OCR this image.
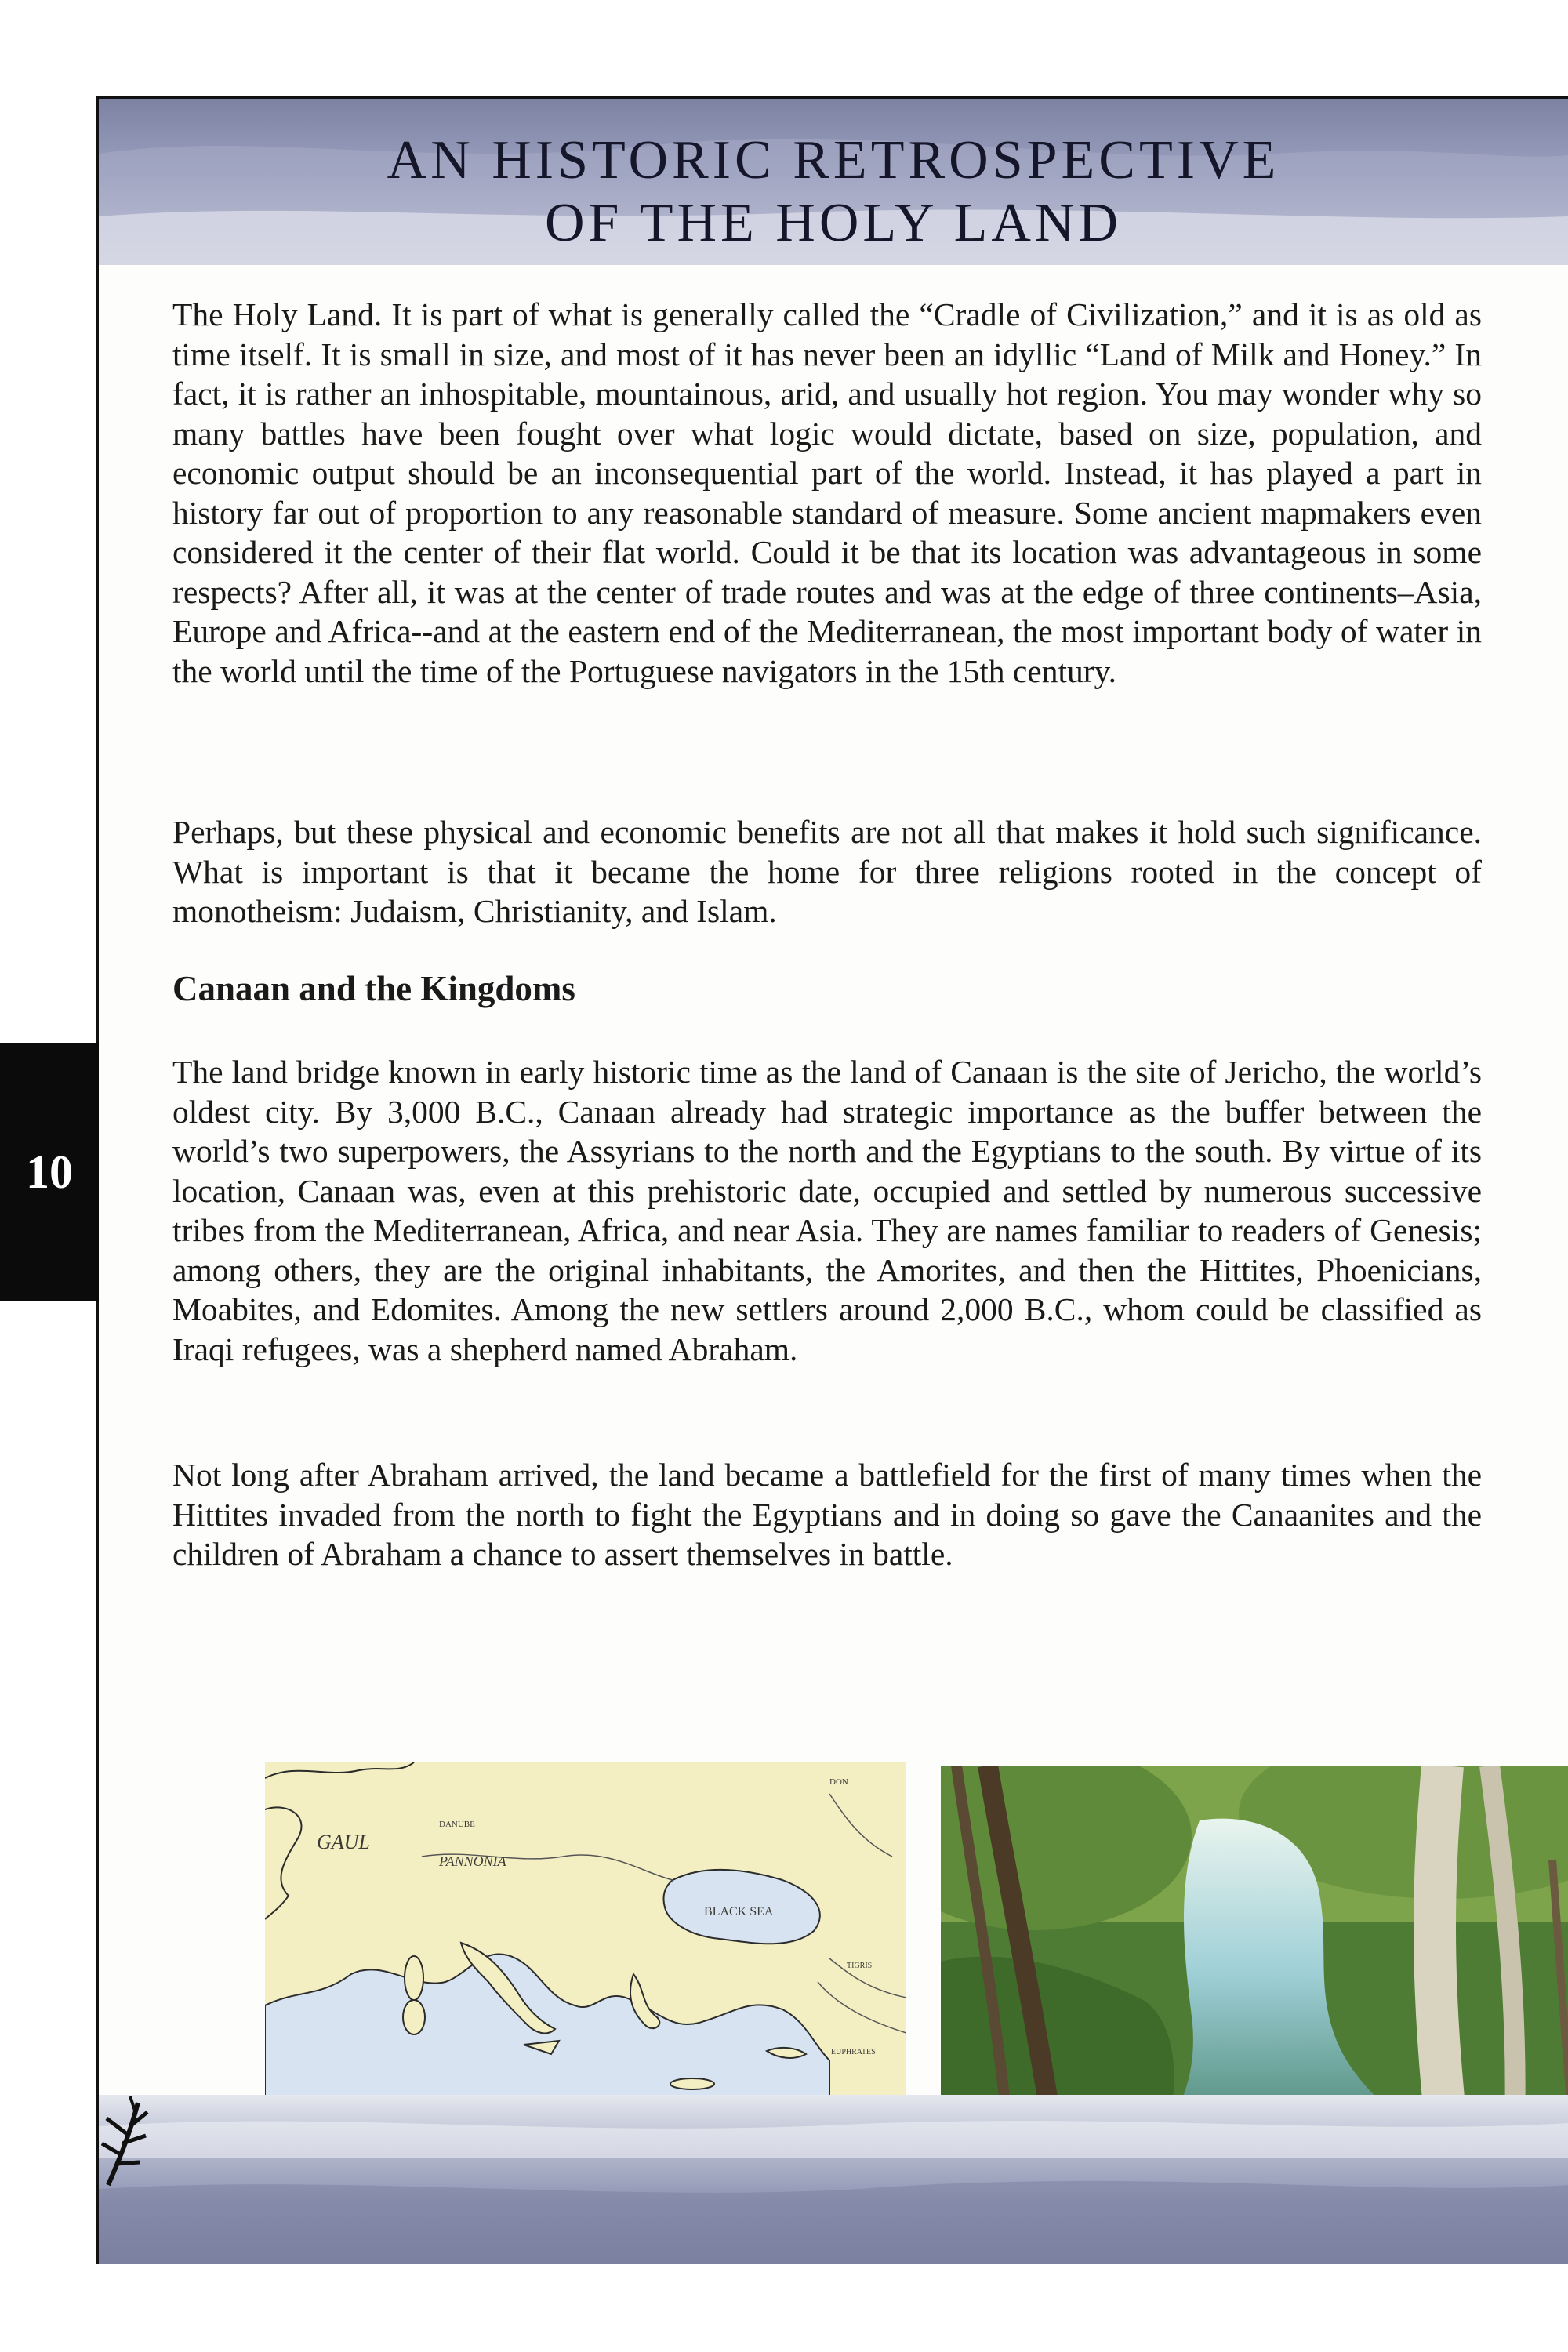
AN HISTORIC RETROSPECTIVE
OF THE HOLY LAND

The Holy Land. It is part of what is generally called the “Cradle of Civilization,” and it is as old as time itself. It is small in size, and most of it has never been an idyllic “Land of Milk and Honey.” In fact, it is rather an inhospitable, mountainous, arid, and usually hot region. You may wonder why so many battles have been fought over what logic would dictate, based on size, population, and economic output should be an inconsequential part of the world. Instead, it has played a part in history far out of proportion to any reasonable standard of measure. Some ancient mapmakers even considered it the center of their flat world. Could it be that its location was advantageous in some respects? After all, it was at the center of trade routes and was at the edge of three continents–Asia, Europe and Africa--and at the eastern end of the Mediterranean, the most important body of water in the world until the time of the Portuguese navigators in the 15th century.

Perhaps, but these physical and economic benefits are not all that makes it hold such significance. What is important is that it became the home for three religions rooted in the concept of monotheism: Judaism, Christianity, and Islam.

Canaan and the Kingdoms

The land bridge known in early historic time as the land of Canaan is the site of Jericho, the world’s oldest city. By 3,000 B.C., Canaan already had strategic importance as the buffer between the world’s two superpowers, the Assyrians to the north and the Egyptians to the south. By virtue of its location, Canaan was, even at this prehistoric date, occupied and settled by numerous successive tribes from the Mediterranean, Africa, and near Asia. They are names familiar to readers of Genesis; among others, they are the original inhabitants, the Amorites, and then the Hittites, Phoenicians, Moabites, and Edomites. Among the new settlers around 2,000 B.C., whom could be classified as Iraqi refugees, was a shepherd named Abraham.

Not long after Abraham arrived, the land became a battlefield for the first of many times when the Hittites invaded from the north to fight the Egyptians and in doing so gave the Canaanites and the children of Abraham a chance to assert themselves in battle.

GAUL
DANUBE
PANNONIA
BLACK SEA
DON
TIGRIS
EUPHRATES
10
